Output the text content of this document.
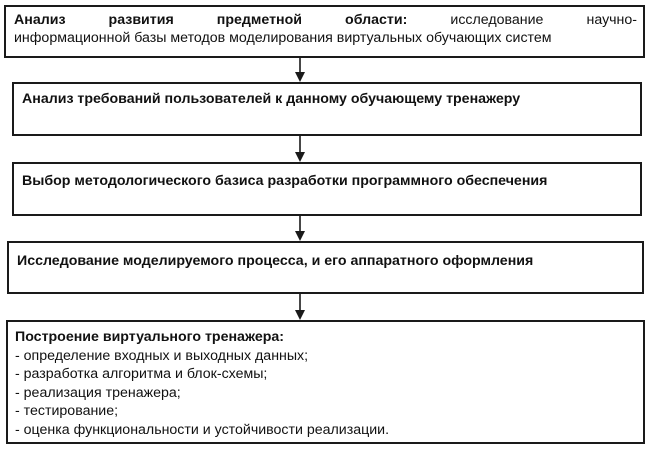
Анализ развития предметной области:	исследование научно-
информационной базы методов моделирования виртуальных обучающих систем
Анализ требований пользователей к данному обучающему тренажеру
Выбор методологического базиса разработки программного обеспечения
Исследование моделируемого процесса, и его аппаратного оформления
Построение виртуального тренажера:
- определение входных и выходных данных;
- разработка алгоритма и блок-схемы;
- реализация тренажера;
- тестирование;
- оценка функциональности и устойчивости реализации.
